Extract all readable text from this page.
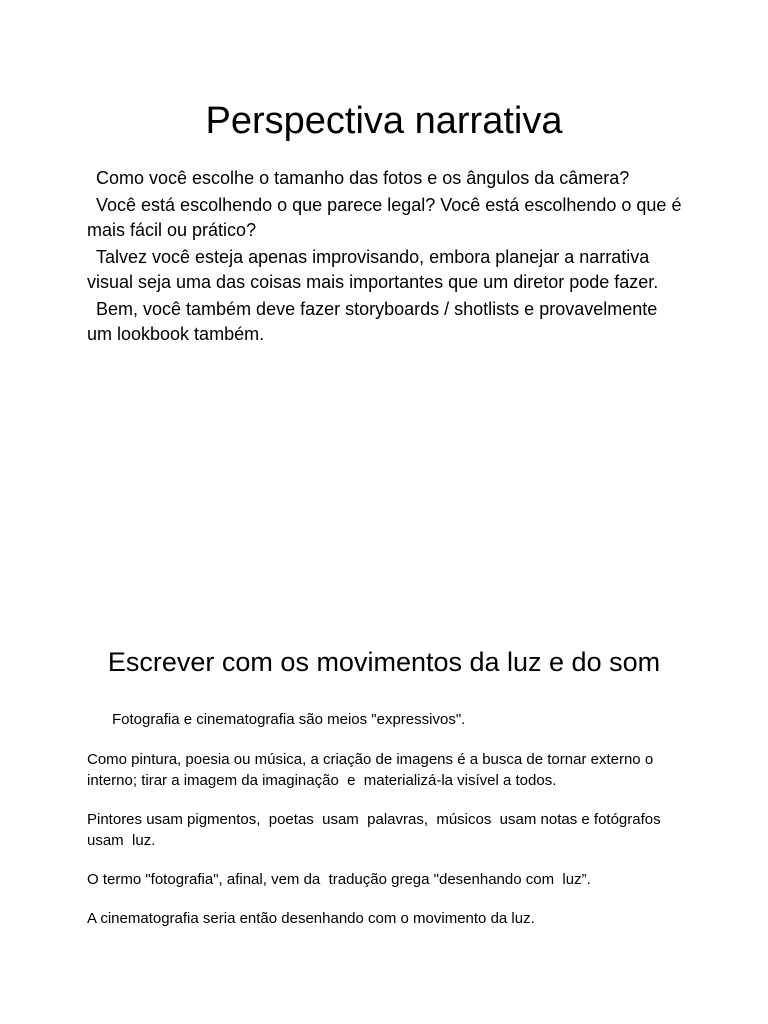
Perspectiva narrativa

Como você escolhe o tamanho das fotos e os ângulos da câmera?

Você está escolhendo o que parece legal? Você está escolhendo o que é mais fácil ou prático?

Talvez você esteja apenas improvisando, embora planejar a narrativa visual seja uma das coisas mais importantes que um diretor pode fazer.

Bem, você também deve fazer storyboards / shotlists e provavelmente um lookbook também.

Escrever com os movimentos da luz e do som

Fotografia e cinematografia são meios "expressivos".

Como pintura, poesia ou música, a criação de imagens é a busca de tornar externo o interno; tirar a imagem da imaginação  e  materializá-la visível a todos.

Pintores usam pigmentos,  poetas  usam  palavras,  músicos  usam notas e fotógrafos  usam  luz.

O termo "fotografia", afinal, vem da  tradução grega "desenhando com  luz”.

A cinematografia seria então desenhando com o movimento da luz.
